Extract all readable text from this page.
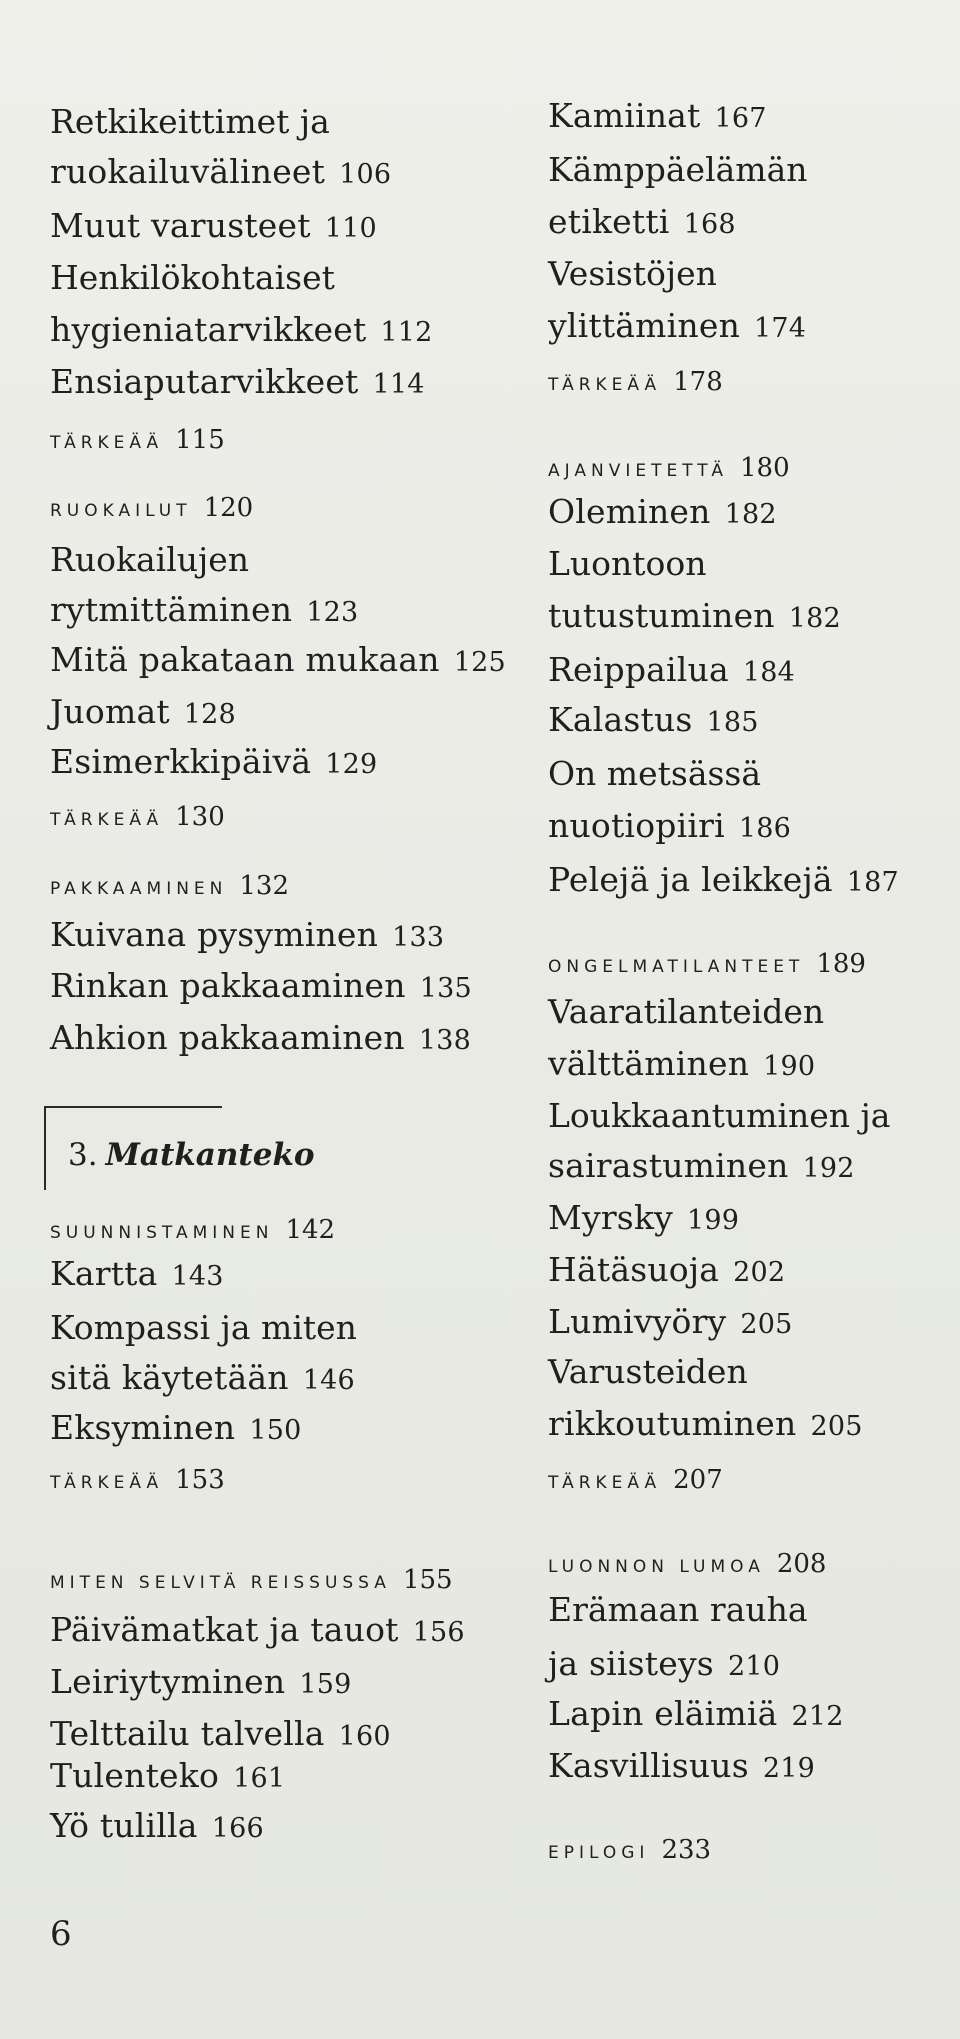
Retkikeittimet ja
ruokailuvälineet 106
Muut varusteet 110
Henkilökohtaiset
hygieniatarvikkeet 112
Ensiaputarvikkeet 114
TÄRKEÄÄ 115
RUOKAILUT 120
Ruokailujen
rytmittäminen 123
Mitä pakataan mukaan 125
Juomat 128
Esimerkkipäivä 129
TÄRKEÄÄ 130
PAKKAAMINEN 132
Kuivana pysyminen 133
Rinkan pakkaaminen 135
Ahkion pakkaaminen 138
SUUNNISTAMINEN 142
Kartta 143
Kompassi ja miten
sitä käytetään 146
Eksyminen 150
TÄRKEÄÄ 153
MITEN SELVITÄ REISSUSSA 155
Päivämatkat ja tauot 156
Leiriytyminen 159
Telttailu talvella 160
Tulenteko 161
Yö tulilla 166
3. Matkanteko
Kamiinat 167
Kämppäelämän
etiketti 168
Vesistöjen
ylittäminen 174
TÄRKEÄÄ 178
AJANVIETETTÄ 180
Oleminen 182
Luontoon
tutustuminen 182
Reippailua 184
Kalastus 185
On metsässä
nuotiopiiri 186
Pelejä ja leikkejä 187
ONGELMATILANTEET 189
Vaaratilanteiden
välttäminen 190
Loukkaantuminen ja
sairastuminen 192
Myrsky 199
Hätäsuoja 202
Lumivyöry 205
Varusteiden
rikkoutuminen 205
TÄRKEÄÄ 207
LUONNON LUMOA 208
Erämaan rauha
ja siisteys 210
Lapin eläimiä 212
Kasvillisuus 219
EPILOGI 233
6
